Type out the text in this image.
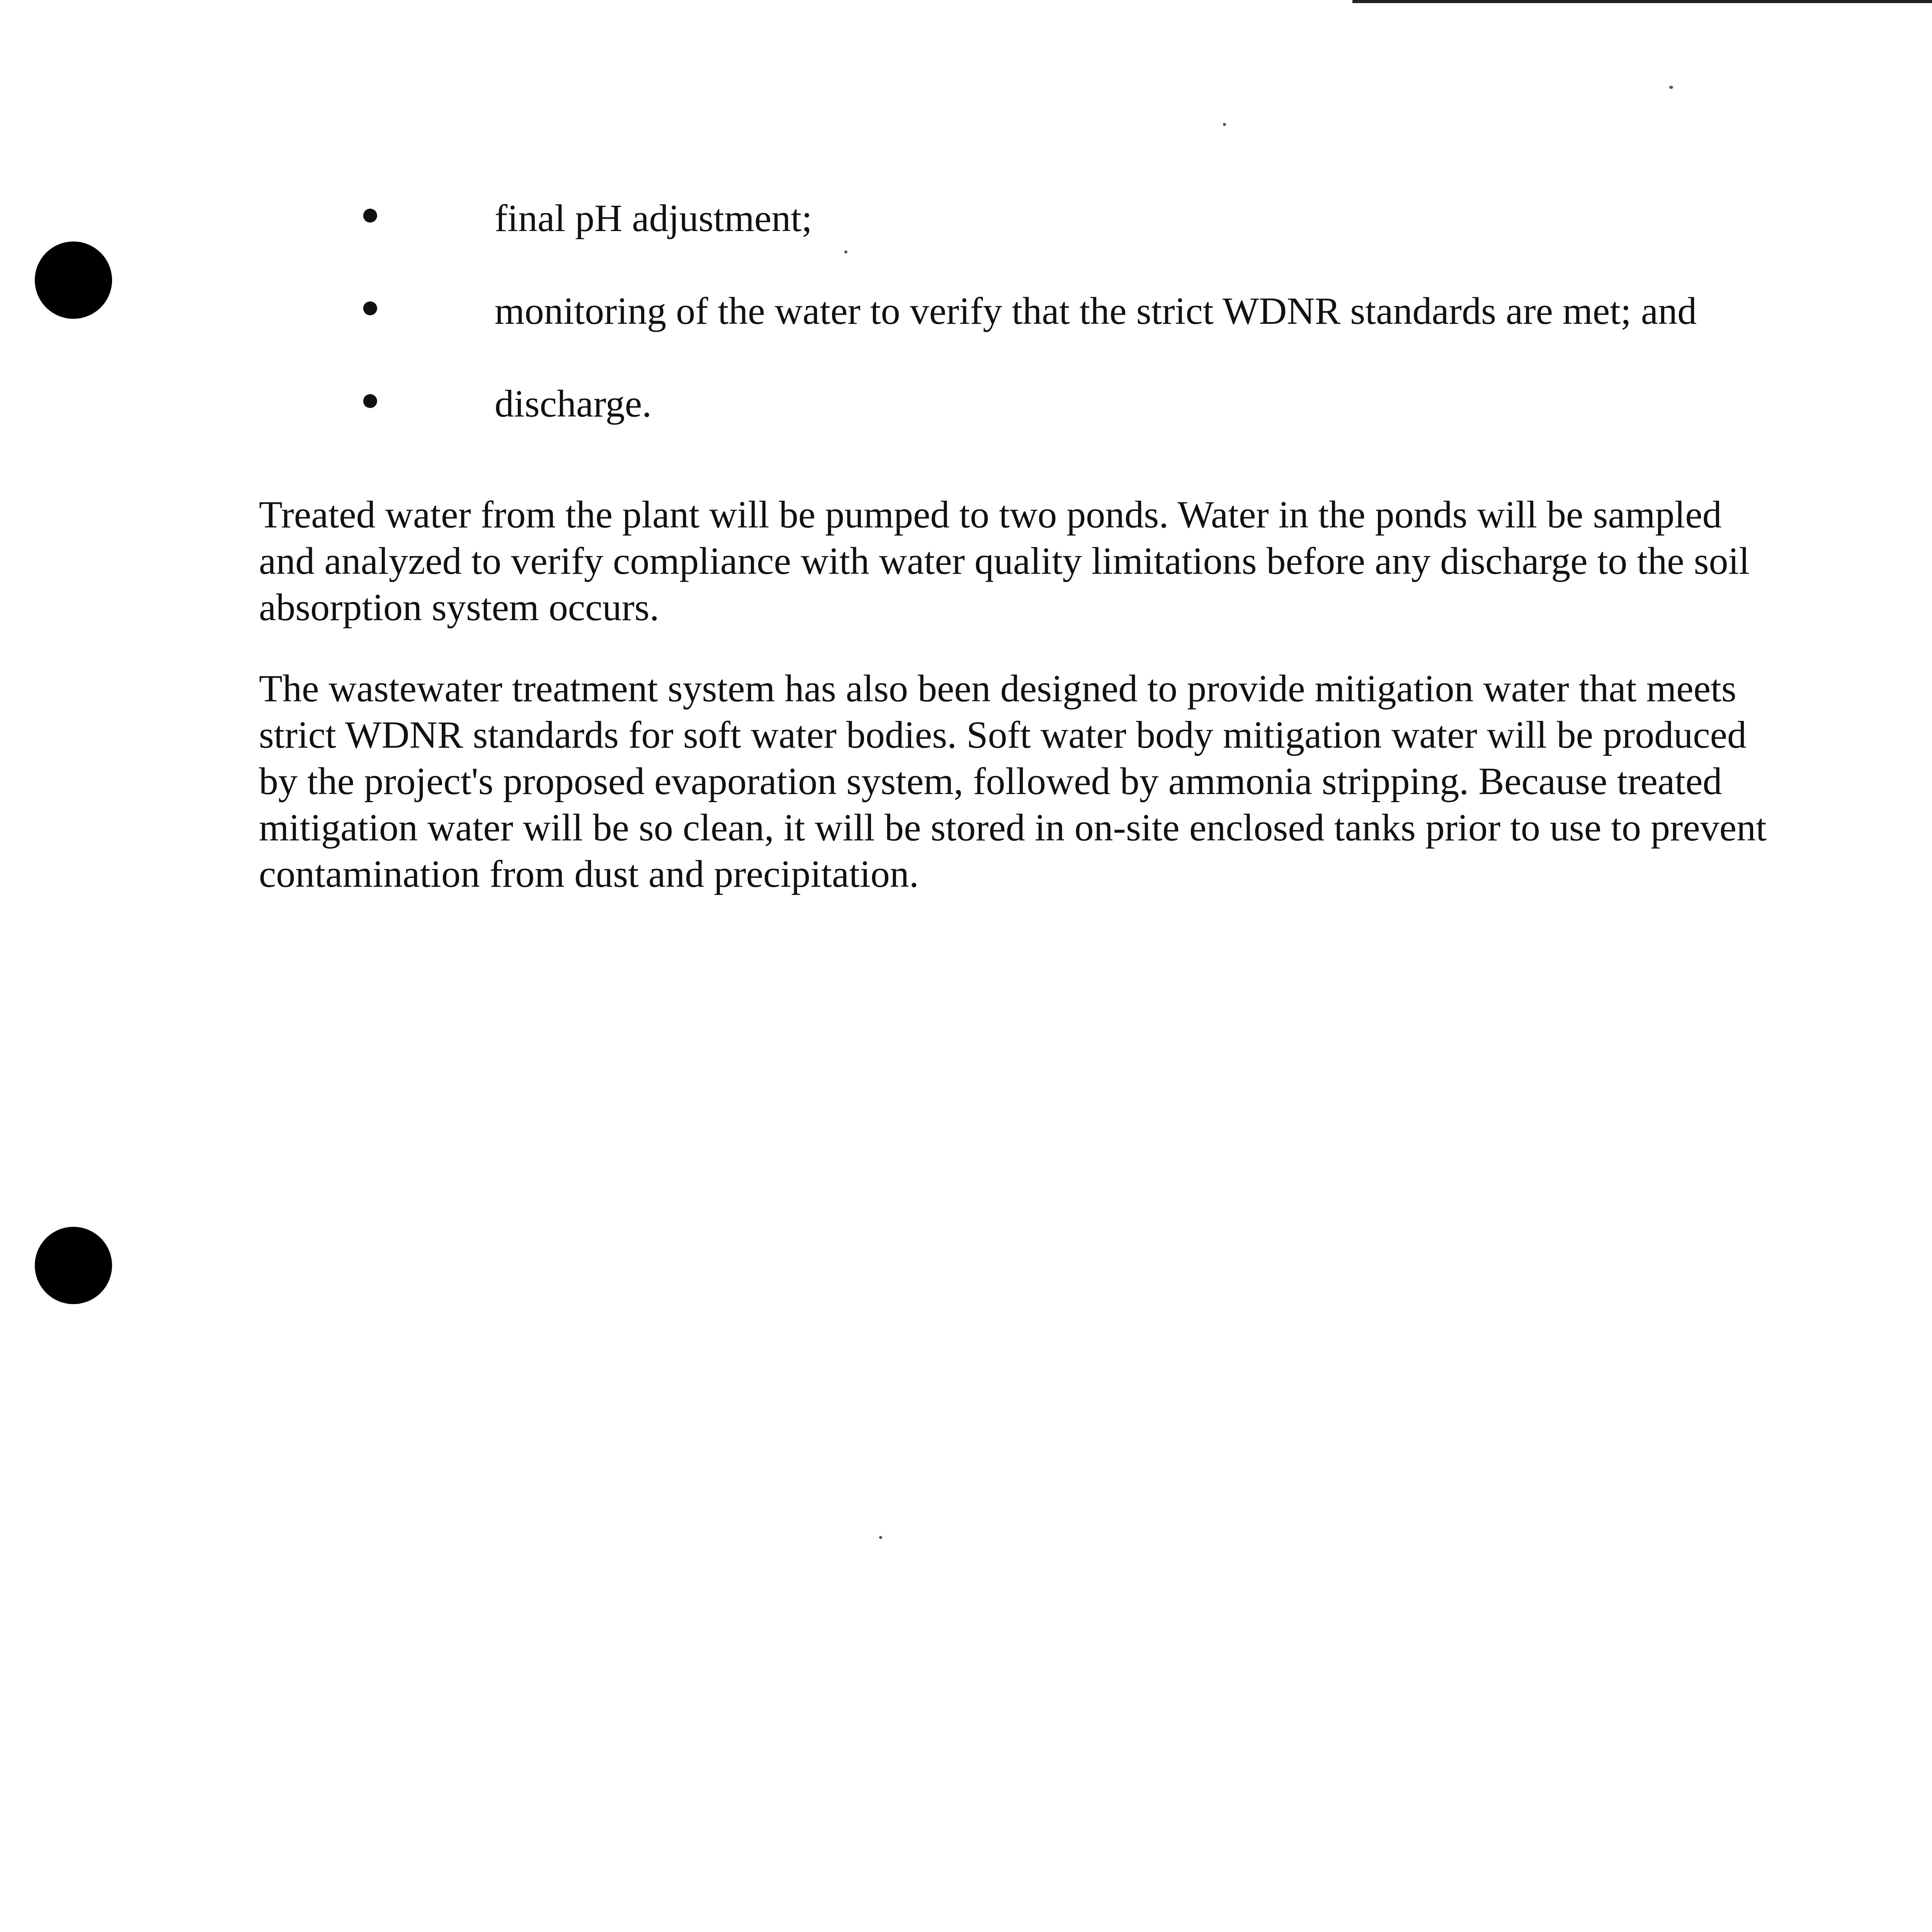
final pH adjustment;
monitoring of the water to verify that the strict WDNR standards are met; and
discharge.

Treated water from the plant will be pumped to two ponds. Water in the ponds will be sampled
and analyzed to verify compliance with water quality limitations before any discharge to the soil
absorption system occurs.

The wastewater treatment system has also been designed to provide mitigation water that meets
strict WDNR standards for soft water bodies. Soft water body mitigation water will be produced
by the project's proposed evaporation system, followed by ammonia stripping. Because treated
mitigation water will be so clean, it will be stored in on-site enclosed tanks prior to use to prevent
contamination from dust and precipitation.
